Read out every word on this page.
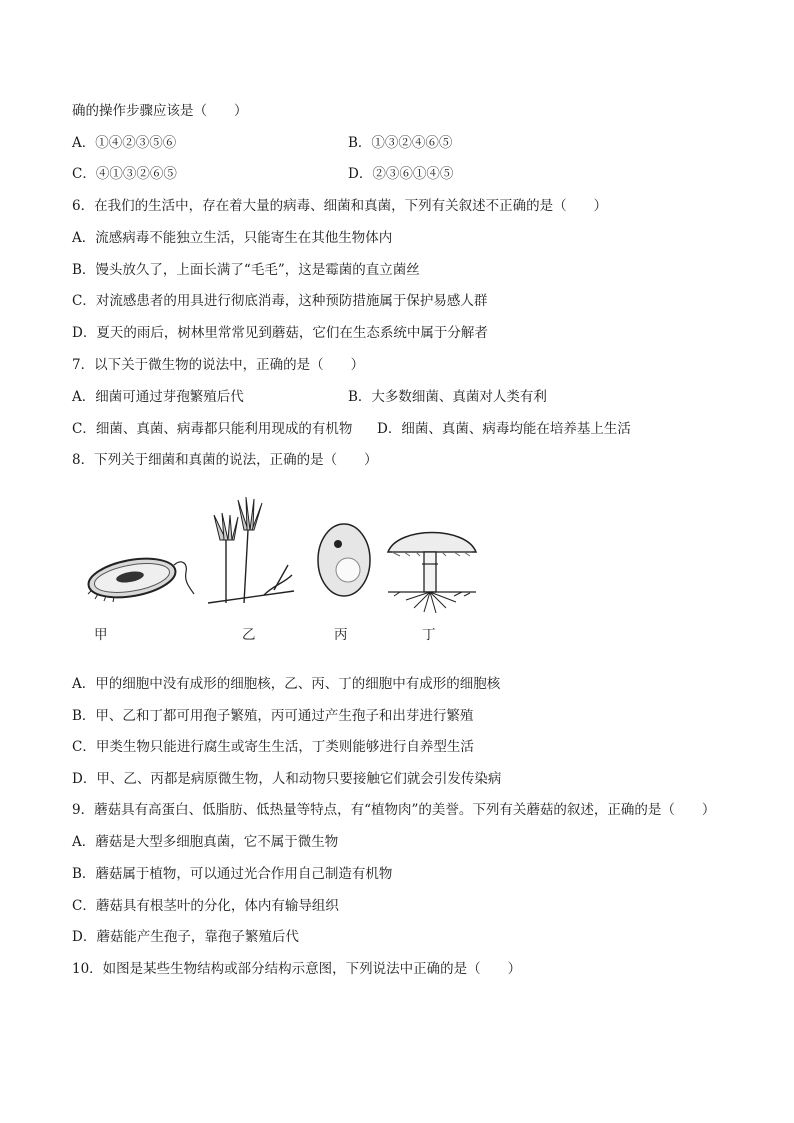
确的操作步骤应该是（　　）
A．①④②③⑤⑥	B．①③②④⑥⑤
C．④①③②⑥⑤	D．②③⑥①④⑤
6．在我们的生活中，存在着大量的病毒、细菌和真菌，下列有关叙述不正确的是（　　）
A．流感病毒不能独立生活，只能寄生在其他生物体内
B．馒头放久了，上面长满了“毛毛”，这是霉菌的直立菌丝
C．对流感患者的用具进行彻底消毒，这种预防措施属于保护易感人群
D．夏天的雨后，树林里常常见到蘑菇，它们在生态系统中属于分解者
7．以下关于微生物的说法中，正确的是（　　）
A．细菌可通过芽孢繁殖后代	B．大多数细菌、真菌对人类有利
C．细菌、真菌、病毒都只能利用现成的有机物 D．细菌、真菌、病毒均能在培养基上生活
8．下列关于细菌和真菌的说法，正确的是（　　）
甲	乙	丙	丁
A．甲的细胞中没有成形的细胞核，乙、丙、丁的细胞中有成形的细胞核
B．甲、乙和丁都可用孢子繁殖，丙可通过产生孢子和出芽进行繁殖
C．甲类生物只能进行腐生或寄生生活，丁类则能够进行自养型生活
D．甲、乙、丙都是病原微生物，人和动物只要接触它们就会引发传染病
9．蘑菇具有高蛋白、低脂肪、低热量等特点，有“植物肉”的美誉。下列有关蘑菇的叙述，正确的是（　　）
A．蘑菇是大型多细胞真菌，它不属于微生物
B．蘑菇属于植物，可以通过光合作用自己制造有机物
C．蘑菇具有根茎叶的分化，体内有输导组织
D．蘑菇能产生孢子，靠孢子繁殖后代
10．如图是某些生物结构或部分结构示意图，下列说法中正确的是（　　）
